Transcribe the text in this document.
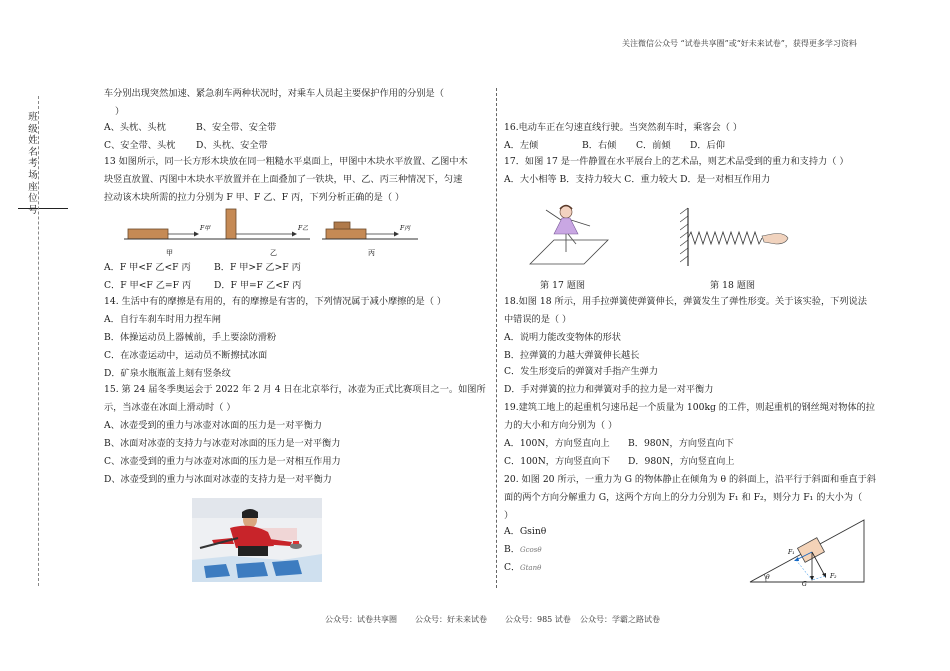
关注微信公众号 “试卷共享圈”或“好未来试卷”，获得更多学习资料
班级姓名考场座位号
车分别出现突然加速、紧急刹车两种状况时，对乘车人员起主要保护作用的分别是（
）
A、头枕、头枕	B、安全带、安全带
C、安全带、头枕 D、头枕、安全带
13 如图所示，同一长方形木块放在同一粗糙水平桌面上，甲图中木块水平放置、乙图中木
块竖直放置、丙图中木块水平放置并在上面叠加了一铁块，甲、乙、丙三种情况下，匀速
拉动该木块所需的拉力分别为 F 甲、F 乙、F 丙，下列分析正确的是（ ）
F甲
甲
F乙
乙
F丙
丙
A．F 甲<F 乙<F 丙	B．F 甲>F 乙>F 丙
C．F 甲<F 乙=F 丙 D．F 甲=F 乙<F 丙
14. 生活中有的摩擦是有用的，有的摩擦是有害的，下列情况属于减小摩擦的是（ ）
A．自行车刹车时用力捏车闸
B．体操运动员上器械前，手上要涂防滑粉
C．在冰壶运动中，运动员不断擦拭冰面
D．矿泉水瓶瓶盖上刻有竖条纹
15. 第 24 届冬季奥运会于 2022 年 2 月 4 日在北京举行，冰壶为正式比赛项目之一。如图所
示，当冰壶在冰面上滑动时（ ）
A、冰壶受到的重力与冰壶对冰面的压力是一对平衡力
B、冰面对冰壶的支持力与冰壶对冰面的压力是一对平衡力
C、冰壶受到的重力与冰壶对冰面的压力是一对相互作用力
D、冰壶受到的重力与冰面对冰壶的支持力是一对平衡力
16.电动车正在匀速直线行驶。当突然刹车时，乘客会（ ）
A．左倾	B．右倾 C．前倾 D．后仰
17．如图 17 是一件静置在水平展台上的艺术品，则艺术品受到的重力和支持力（ ）
A．大小相等 B．支持力较大 C．重力较大 D．是一对相互作用力
第 17 题图	第 18 题图
18.如图 18 所示，用手拉弹簧使弹簧伸长，弹簧发生了弹性形变。关于该实验，下列说法
中错误的是（ ）
A．说明力能改变物体的形状
B．拉弹簧的力越大弹簧伸长越长
C．发生形变后的弹簧对手指产生弹力
D．手对弹簧的拉力和弹簧对手的拉力是一对平衡力
19.建筑工地上的起重机匀速吊起一个质量为 100kg 的工件，则起重机的钢丝绳对物体的拉
力的大小和方向分别为（ ）
A．100N，方向竖直向上 B．980N，方向竖直向下
C．100N，方向竖直向下 D．980N，方向竖直向上
20. 如图 20 所示，一重力为 G 的物体静止在倾角为 θ 的斜面上，沿平行于斜面和垂直于斜
面的两个方向分解重力 G，这两个方向上的分力分别为 F₁ 和 F₂，则分力 F₁ 的大小为（
）
A．Gsinθ
B． Gcosθ
C． Gtanθ
θ
F₁
F₂
G
公众号：试卷共享圈 公众号：好未来试卷 公众号：985 试卷 公众号：学霸之路试卷
